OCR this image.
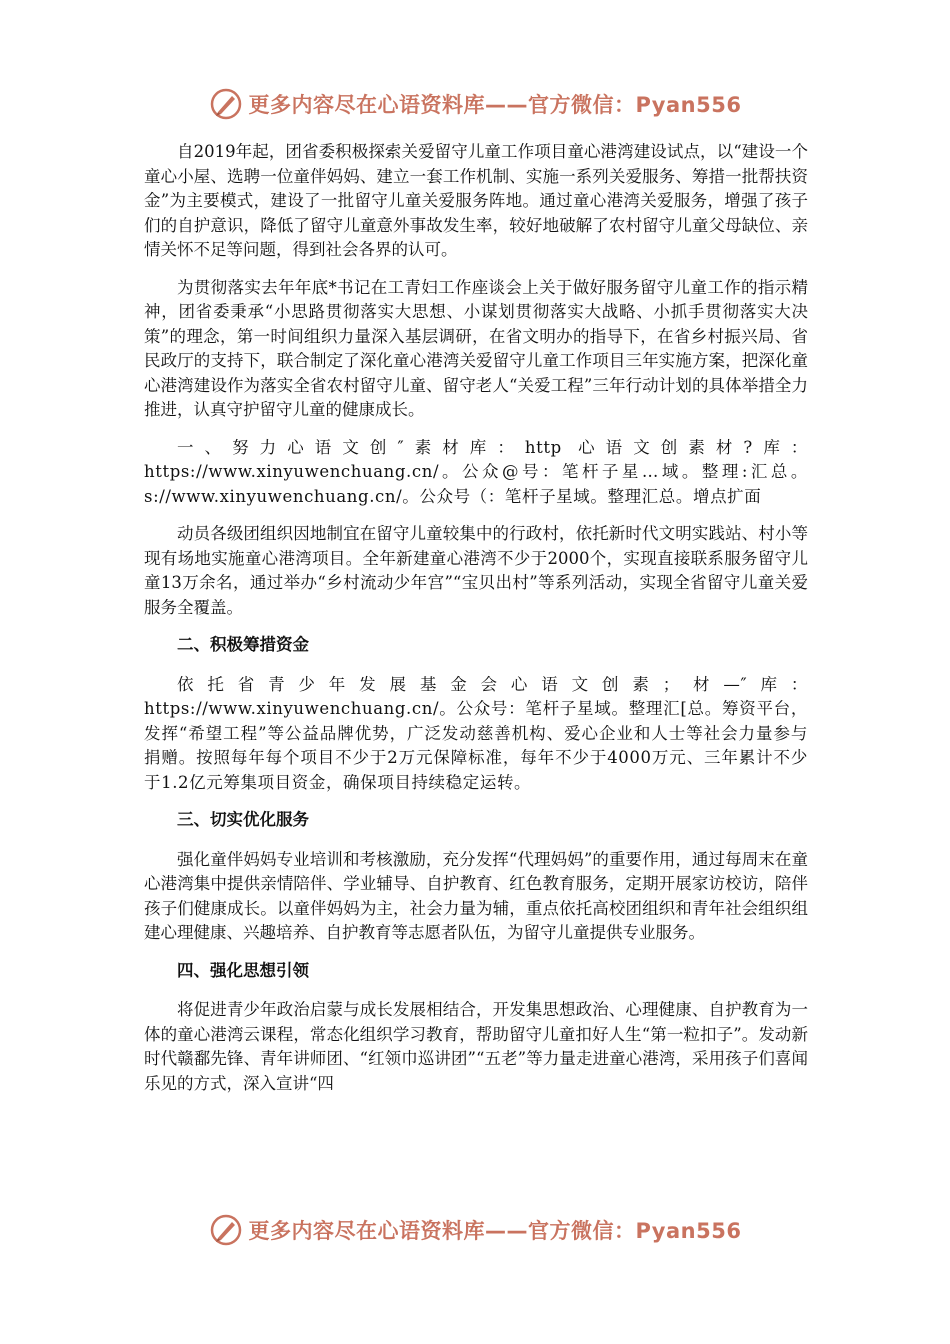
更多内容尽在心语资料库——官方微信：Pyan556

自2019年起，团省委积极探索关爱留守儿童工作项目童心港湾建设试点，以“建设一个童心小屋、选聘一位童伴妈妈、建立一套工作机制、实施一系列关爱服务、筹措一批帮扶资金”为主要模式，建设了一批留守儿童关爱服务阵地。通过童心港湾关爱服务，增强了孩子们的自护意识，降低了留守儿童意外事故发生率，较好地破解了农村留守儿童父母缺位、亲情关怀不足等问题，得到社会各界的认可。

为贯彻落实去年年底*书记在工青妇工作座谈会上关于做好服务留守儿童工作的指示精神，团省委秉承“小思路贯彻落实大思想、小谋划贯彻落实大战略、小抓手贯彻落实大决策”的理念，第一时间组织力量深入基层调研，在省文明办的指导下，在省乡村振兴局、省民政厅的支持下，联合制定了深化童心港湾关爱留守儿童工作项目三年实施方案，把深化童心港湾建设作为落实全省农村留守儿童、留守老人“关爱工程”三年行动计划的具体举措全力推进，认真守护留守儿童的健康成长。

一、努力心语文创″素材库：http 心语文创素材?库：https://www.xinyuwenchuang.cn/。公众@号：笔杆子星…域。整理:汇总。s://www.xinyuwenchuang.cn/。公众号（：笔杆子星域。整理汇总。增点扩面

动员各级团组织因地制宜在留守儿童较集中的行政村，依托新时代文明实践站、村小等现有场地实施童心港湾项目。全年新建童心港湾不少于2000个，实现直接联系服务留守儿童13万余名，通过举办“乡村流动少年宫”“宝贝出村”等系列活动，实现全省留守儿童关爱服务全覆盖。

二、积极筹措资金

依托省青少年发展基金会心语文创素；材—″库：https://www.xinyuwenchuang.cn/。公众号：笔杆子星域。整理汇[总。筹资平台，发挥“希望工程”等公益品牌优势，广泛发动慈善机构、爱心企业和人士等社会力量参与捐赠。按照每年每个项目不少于2万元保障标准，每年不少于4000万元、三年累计不少于1.2亿元筹集项目资金，确保项目持续稳定运转。

三、切实优化服务

强化童伴妈妈专业培训和考核激励，充分发挥“代理妈妈”的重要作用，通过每周末在童心港湾集中提供亲情陪伴、学业辅导、自护教育、红色教育服务，定期开展家访校访，陪伴孩子们健康成长。以童伴妈妈为主，社会力量为辅，重点依托高校团组织和青年社会组织组建心理健康、兴趣培养、自护教育等志愿者队伍，为留守儿童提供专业服务。

四、强化思想引领

将促进青少年政治启蒙与成长发展相结合，开发集思想政治、心理健康、自护教育为一体的童心港湾云课程，常态化组织学习教育，帮助留守儿童扣好人生“第一粒扣子”。发动新时代赣鄱先锋、青年讲师团、“红领巾巡讲团”“五老”等力量走进童心港湾，采用孩子们喜闻乐见的方式，深入宣讲“四

更多内容尽在心语资料库——官方微信：Pyan556
